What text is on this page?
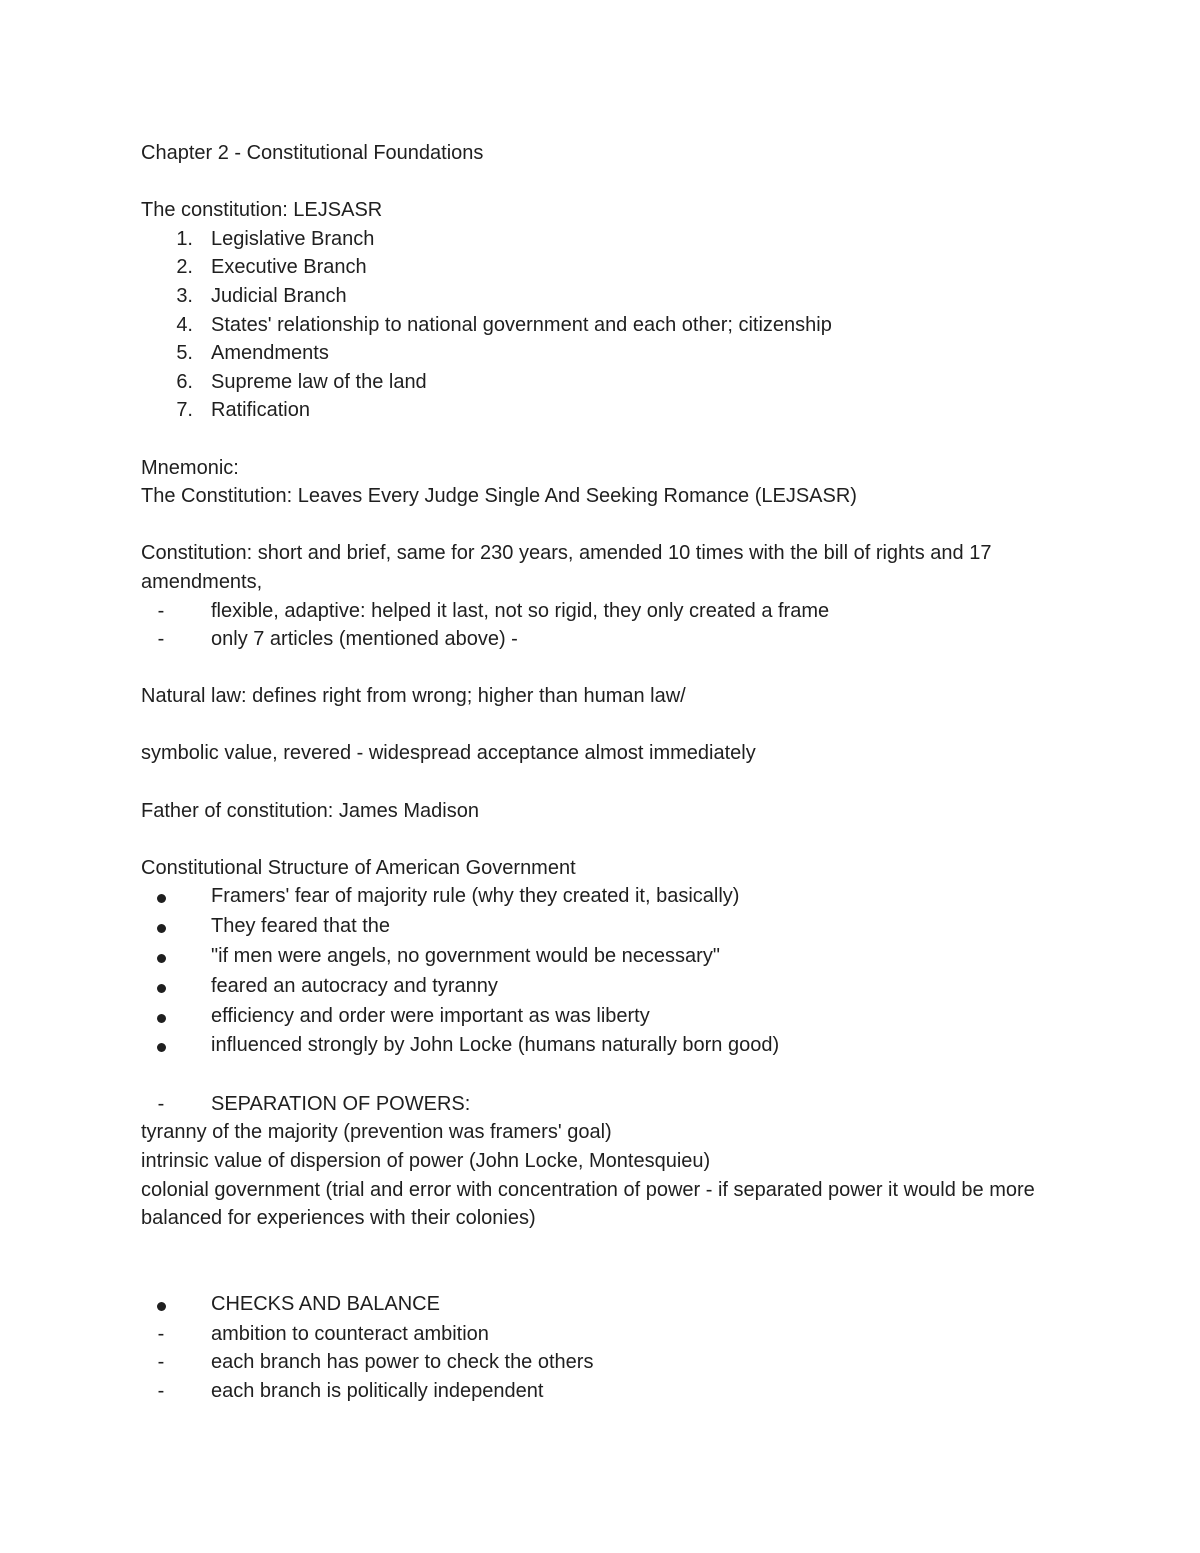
Chapter 2 - Constitutional Foundations
The constitution: LEJSASR
1. Legislative Branch
2. Executive Branch
3. Judicial Branch
4. States' relationship to national government and each other; citizenship
5. Amendments
6. Supreme law of the land
7. Ratification
Mnemonic:
The Constitution: Leaves Every Judge Single And Seeking Romance (LEJSASR)
Constitution: short and brief, same for 230 years, amended 10 times with the bill of rights and 17 amendments,
-	flexible, adaptive: helped it last, not so rigid, they only created a frame
-	only 7 articles (mentioned above) -
Natural law: defines right from wrong; higher than human law/
symbolic value, revered - widespread acceptance almost immediately
Father of constitution: James Madison
Constitutional Structure of American Government
Framers' fear of majority rule (why they created it, basically)
They feared that the
"if men were angels, no government would be necessary"
feared an autocracy and tyranny
efficiency and order were important as was liberty
influenced strongly by John Locke (humans naturally born good)
-	SEPARATION OF POWERS:
tyranny of the majority (prevention was framers' goal)
intrinsic value of dispersion of power (John Locke, Montesquieu)
colonial government (trial and error with concentration of power - if separated power it would be more balanced for experiences with their colonies)
CHECKS AND BALANCE
-	ambition to counteract ambition
-	each branch has power to check the others
-	each branch is politically independent
